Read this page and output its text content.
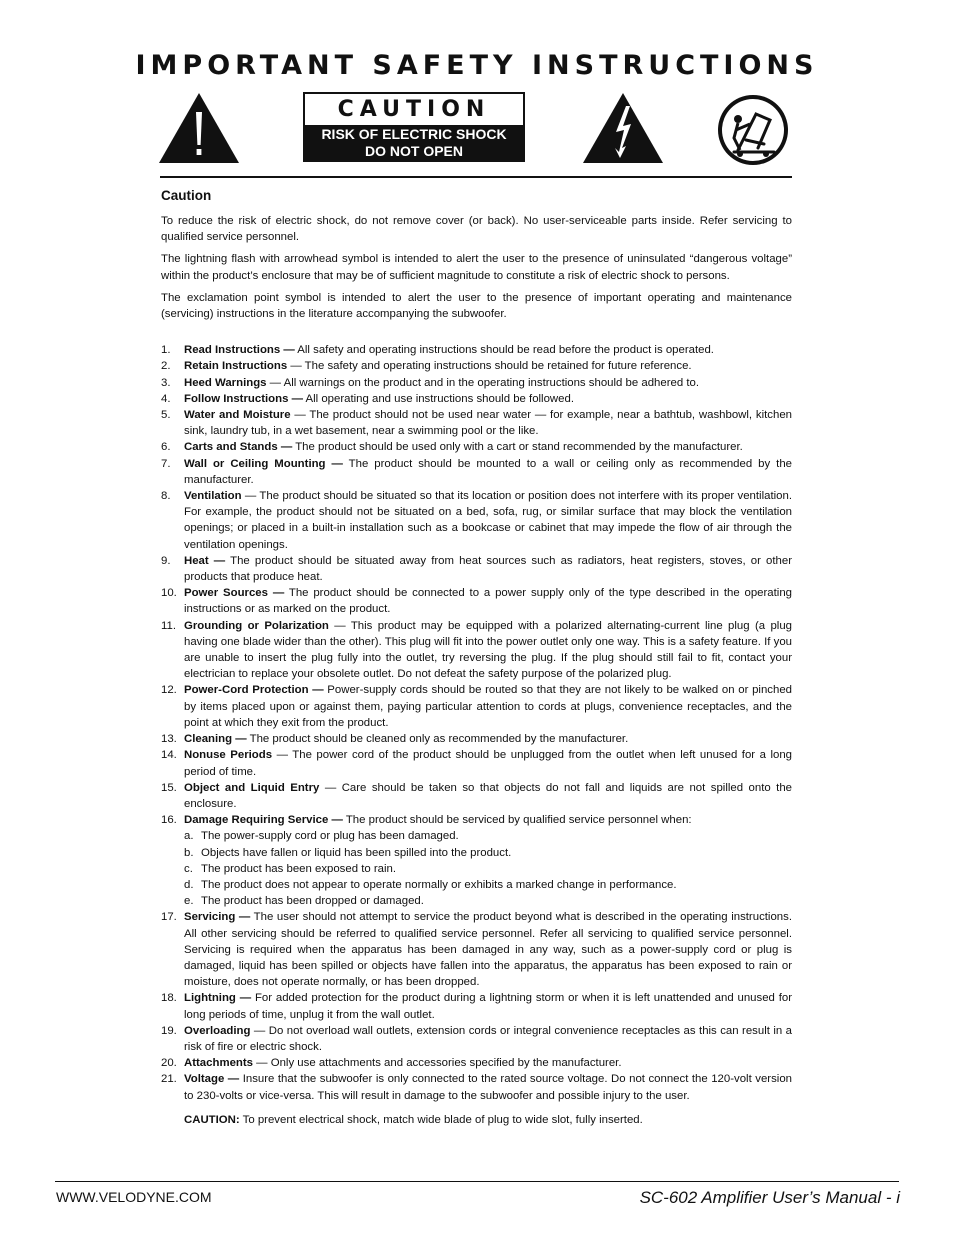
IMPORTANT SAFETY INSTRUCTIONS
CAUTION
RISK OF ELECTRIC SHOCK
DO NOT OPEN

Caution

To reduce the risk of electric shock, do not remove cover (or back). No user-serviceable parts inside. Refer servicing to qualified service personnel.

The lightning flash with arrowhead symbol is intended to alert the user to the presence of uninsulated “dangerous voltage” within the product’s enclosure that may be of sufficient magnitude to constitute a risk of electric shock to persons.

The exclamation point symbol is intended to alert the user to the presence of important operating and maintenance (servicing) instructions in the literature accompanying the subwoofer.

1.	Read Instructions — All safety and operating instructions should be read before the product is operated.
2.	Retain Instructions — The safety and operating instructions should be retained for future reference.
3.	Heed Warnings — All warnings on the product and in the operating instructions should be adhered to.
4.	Follow Instructions — All operating and use instructions should be followed.
5.	Water and Moisture — The product should not be used near water — for example, near a bathtub, washbowl, kitchen sink, laundry tub, in a wet basement, near a swimming pool or the like.
6.	Carts and Stands — The product should be used only with a cart or stand recommended by the manufacturer.
7.	Wall or Ceiling Mounting — The product should be mounted to a wall or ceiling only as recommended by the manufacturer.
8.	Ventilation — The product should be situated so that its location or position does not interfere with its proper ventilation. For example, the product should not be situated on a bed, sofa, rug, or similar surface that may block the ventilation openings; or placed in a built-in installation such as a bookcase or cabinet that may impede the flow of air through the ventilation openings.
9.	Heat — The product should be situated away from heat sources such as radiators, heat registers, stoves, or other products that produce heat.
10. Power Sources — The product should be connected to a power supply only of the type described in the operating instructions or as marked on the product.
11. Grounding or Polarization — This product may be equipped with a polarized alternating-current line plug (a plug having one blade wider than the other). This plug will fit into the power outlet only one way. This is a safety feature. If you are unable to insert the plug fully into the outlet, try reversing the plug. If the plug should still fail to fit, contact your electrician to replace your obsolete outlet. Do not defeat the safety purpose of the polarized plug.
12. Power-Cord Protection — Power-supply cords should be routed so that they are not likely to be walked on or pinched by items placed upon or against them, paying particular attention to cords at plugs, convenience receptacles, and the point at which they exit from the product.
13. Cleaning — The product should be cleaned only as recommended by the manufacturer.
14. Nonuse Periods — The power cord of the product should be unplugged from the outlet when left unused for a long period of time.
15. Object and Liquid Entry — Care should be taken so that objects do not fall and liquids are not spilled onto the enclosure.
16. Damage Requiring Service — The product should be serviced by qualified service personnel when:
a. The power-supply cord or plug has been damaged.
b. Objects have fallen or liquid has been spilled into the product.
c. The product has been exposed to rain.
d. The product does not appear to operate normally or exhibits a marked change in performance.
e. The product has been dropped or damaged.
17. Servicing — The user should not attempt to service the product beyond what is described in the operating instructions. All other servicing should be referred to qualified service personnel. Refer all servicing to qualified service personnel. Servicing is required when the apparatus has been damaged in any way, such as a power-supply cord or plug is damaged, liquid has been spilled or objects have fallen into the apparatus, the apparatus has been exposed to rain or moisture, does not operate normally, or has been dropped.
18. Lightning — For added protection for the product during a lightning storm or when it is left unattended and unused for long periods of time, unplug it from the wall outlet.
19. Overloading — Do not overload wall outlets, extension cords or integral convenience receptacles as this can result in a risk of fire or electric shock.
20. Attachments — Only use attachments and accessories specified by the manufacturer.
21. Voltage — Insure that the subwoofer is only connected to the rated source voltage. Do not connect the 120-volt version to 230-volts or vice-versa. This will result in damage to the subwoofer and possible injury to the user.

CAUTION: To prevent electrical shock, match wide blade of plug to wide slot, fully inserted.

WWW.VELODYNE.COM	SC-602 Amplifier User’s Manual - i
